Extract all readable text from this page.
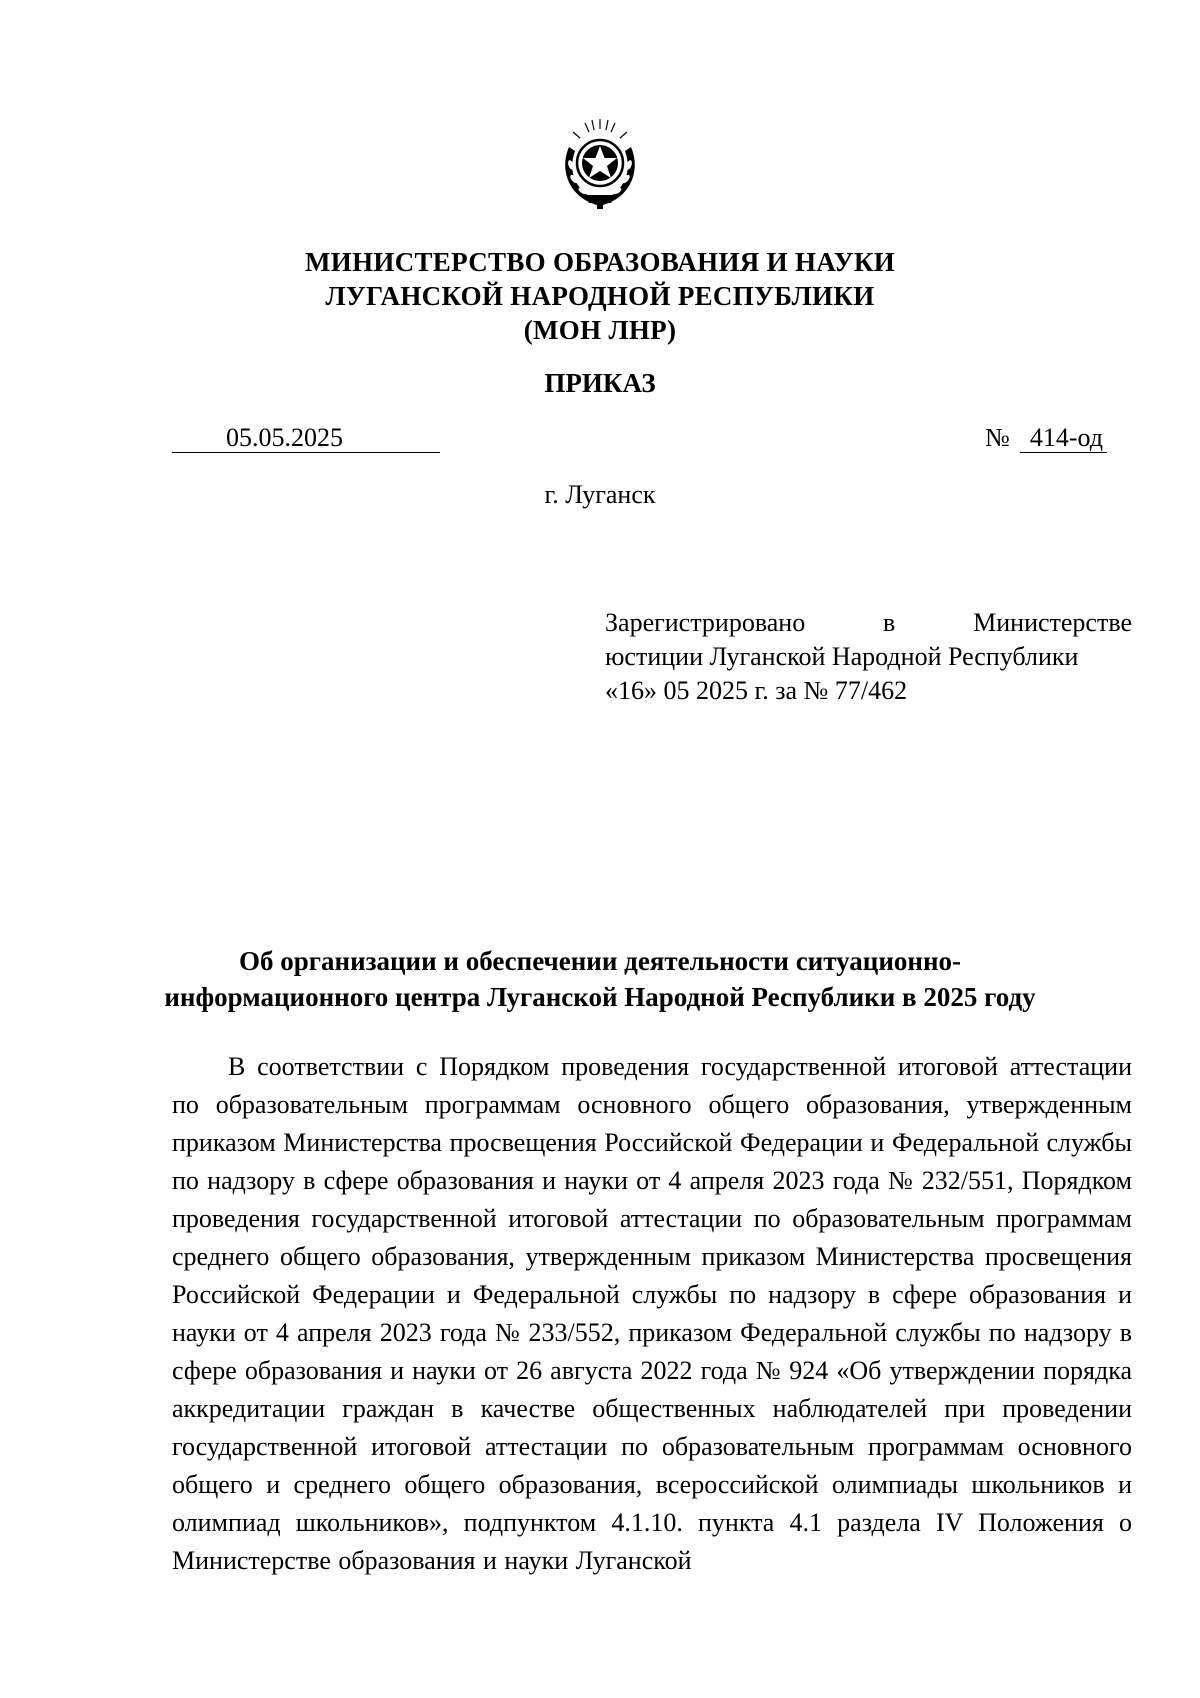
МИНИСТЕРСТВО ОБРАЗОВАНИЯ И НАУКИ
ЛУГАНСКОЙ НАРОДНОЙ РЕСПУБЛИКИ
(МОН ЛНР)
ПРИКАЗ
05.05.2025	№ 414-од
г. Луганск
Зарегистрировано в Министерстве
юстиции Луганской Народной Республики
«16» 05 2025 г. за № 77/462
Об организации и обеспечении деятельности ситуационно-
информационного центра Луганской Народной Республики в 2025 году
В соответствии с Порядком проведения государственной итоговой аттестации по образовательным программам основного общего образования, утвержденным приказом Министерства просвещения Российской Федерации и Федеральной службы по надзору в сфере образования и науки от 4 апреля 2023 года № 232/551, Порядком проведения государственной итоговой аттестации по образовательным программам среднего общего образования, утвержденным приказом Министерства просвещения Российской Федерации и Федеральной службы по надзору в сфере образования и науки от 4 апреля 2023 года № 233/552, приказом Федеральной службы по надзору в сфере образования и науки от 26 августа 2022 года № 924 «Об утверждении порядка аккредитации граждан в качестве общественных наблюдателей при проведении государственной итоговой аттестации по образовательным программам основного общего и среднего общего образования, всероссийской олимпиады школьников и олимпиад школьников», подпунктом 4.1.10. пункта 4.1 раздела IV Положения о Министерстве образования и науки Луганской
